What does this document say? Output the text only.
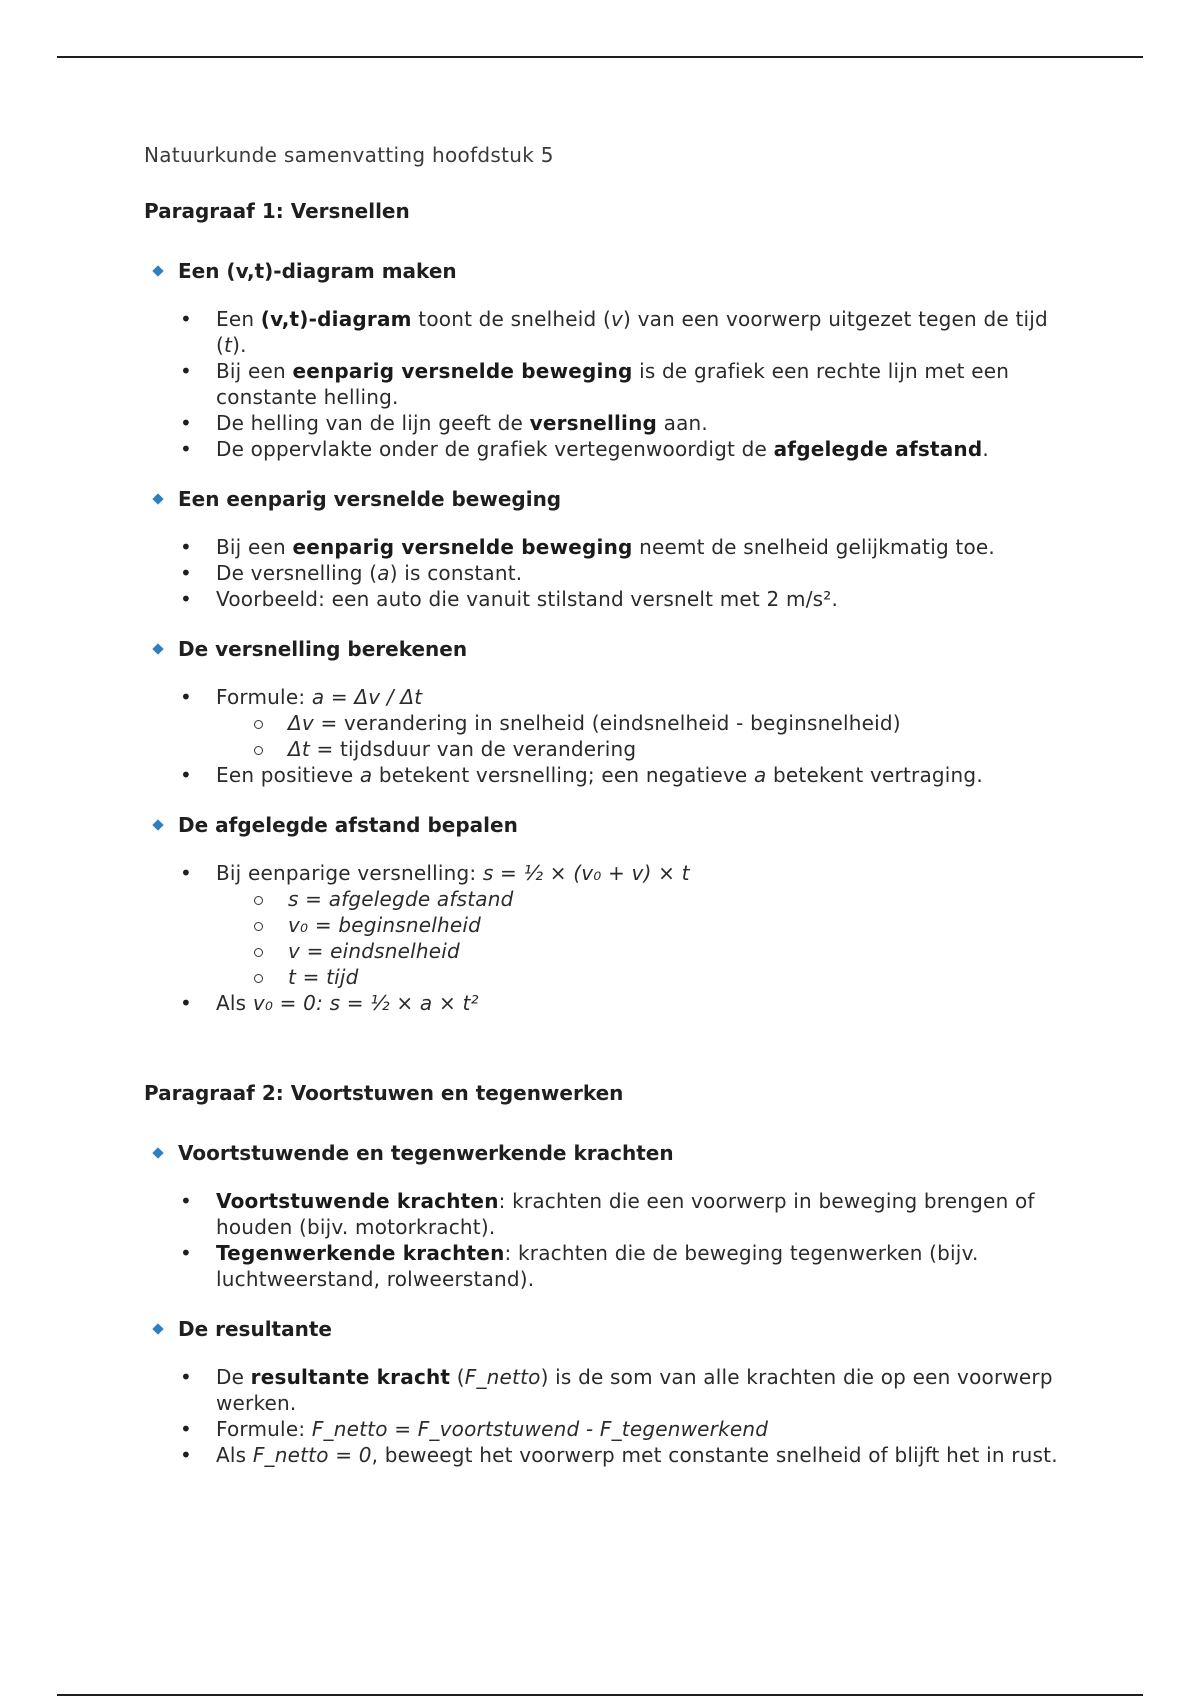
Natuurkunde samenvatting hoofdstuk 5
Paragraaf 1: Versnellen
Een (v,t)-diagram maken
• Een (v,t)-diagram toont de snelheid (v) van een voorwerp uitgezet tegen de tijd (t).
• Bij een eenparig versnelde beweging is de grafiek een rechte lijn met een constante helling.
• De helling van de lijn geeft de versnelling aan.
• De oppervlakte onder de grafiek vertegenwoordigt de afgelegde afstand.
Een eenparig versnelde beweging
• Bij een eenparig versnelde beweging neemt de snelheid gelijkmatig toe.
• De versnelling (a) is constant.
• Voorbeeld: een auto die vanuit stilstand versnelt met 2 m/s².
De versnelling berekenen
• Formule: a = Δv / Δt
Δv = verandering in snelheid (eindsnelheid - beginsnelheid)
Δt = tijdsduur van de verandering
• Een positieve a betekent versnelling; een negatieve a betekent vertraging.
De afgelegde afstand bepalen
• Bij eenparige versnelling: s = ½ × (v₀ + v) × t
s = afgelegde afstand
v₀ = beginsnelheid
v = eindsnelheid
t = tijd
• Als v₀ = 0: s = ½ × a × t²
Paragraaf 2: Voortstuwen en tegenwerken
Voortstuwende en tegenwerkende krachten
• Voortstuwende krachten: krachten die een voorwerp in beweging brengen of houden (bijv. motorkracht).
• Tegenwerkende krachten: krachten die de beweging tegenwerken (bijv. luchtweerstand, rolweerstand).
De resultante
• De resultante kracht (F_netto) is de som van alle krachten die op een voorwerp werken.
• Formule: F_netto = F_voortstuwend - F_tegenwerkend
• Als F_netto = 0, beweegt het voorwerp met constante snelheid of blijft het in rust.
